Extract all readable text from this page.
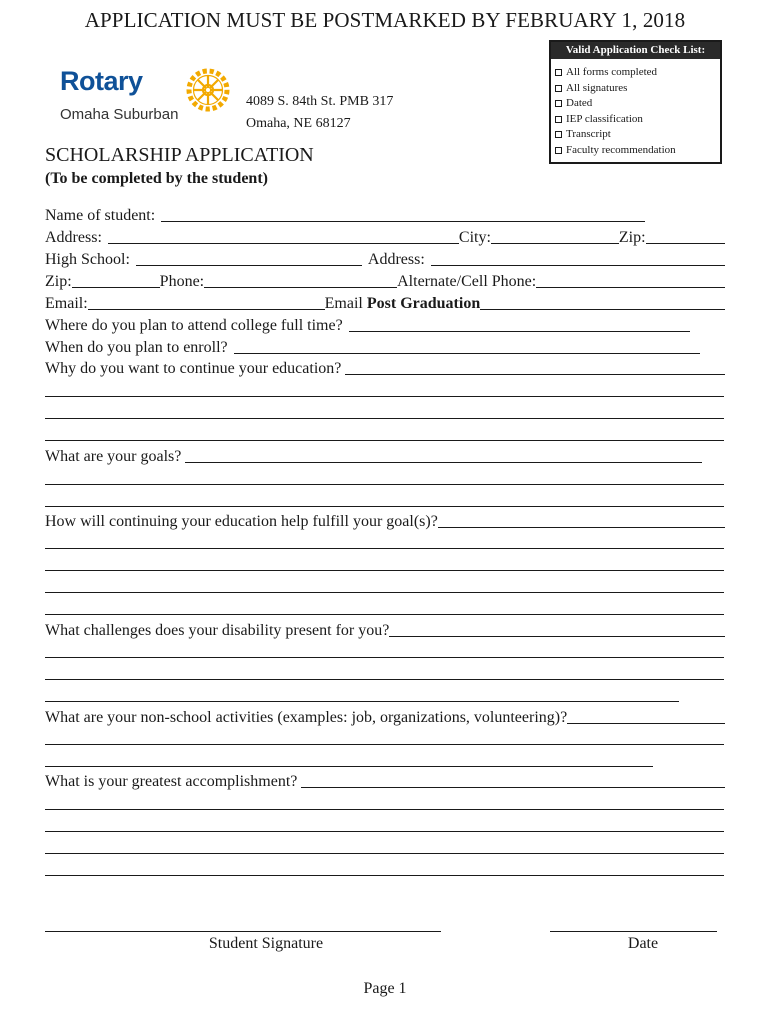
APPLICATION MUST BE POSTMARKED BY FEBRUARY 1, 2018
Rotary
Omaha Suburban
4089 S. 84th St. PMB 317
Omaha, NE 68127
Valid Application Check List:
All forms completed
All signatures
Dated
IEP classification
Transcript
Faculty recommendation
SCHOLARSHIP APPLICATION
(To be completed by the student)
Name of student:
Address:	City:	Zip:
High School:	Address:
Zip:	Phone:	Alternate/Cell Phone:
Email:	Email Post Graduation
Where do you plan to attend college full time?
When do you plan to enroll?
Why do you want to continue your education?
What are your goals?
How will continuing your education help fulfill your goal(s)?
What challenges does your disability present for you?
What are your non-school activities (examples: job, organizations, volunteering)?
What is your greatest accomplishment?
Student Signature	Date
Page 1
